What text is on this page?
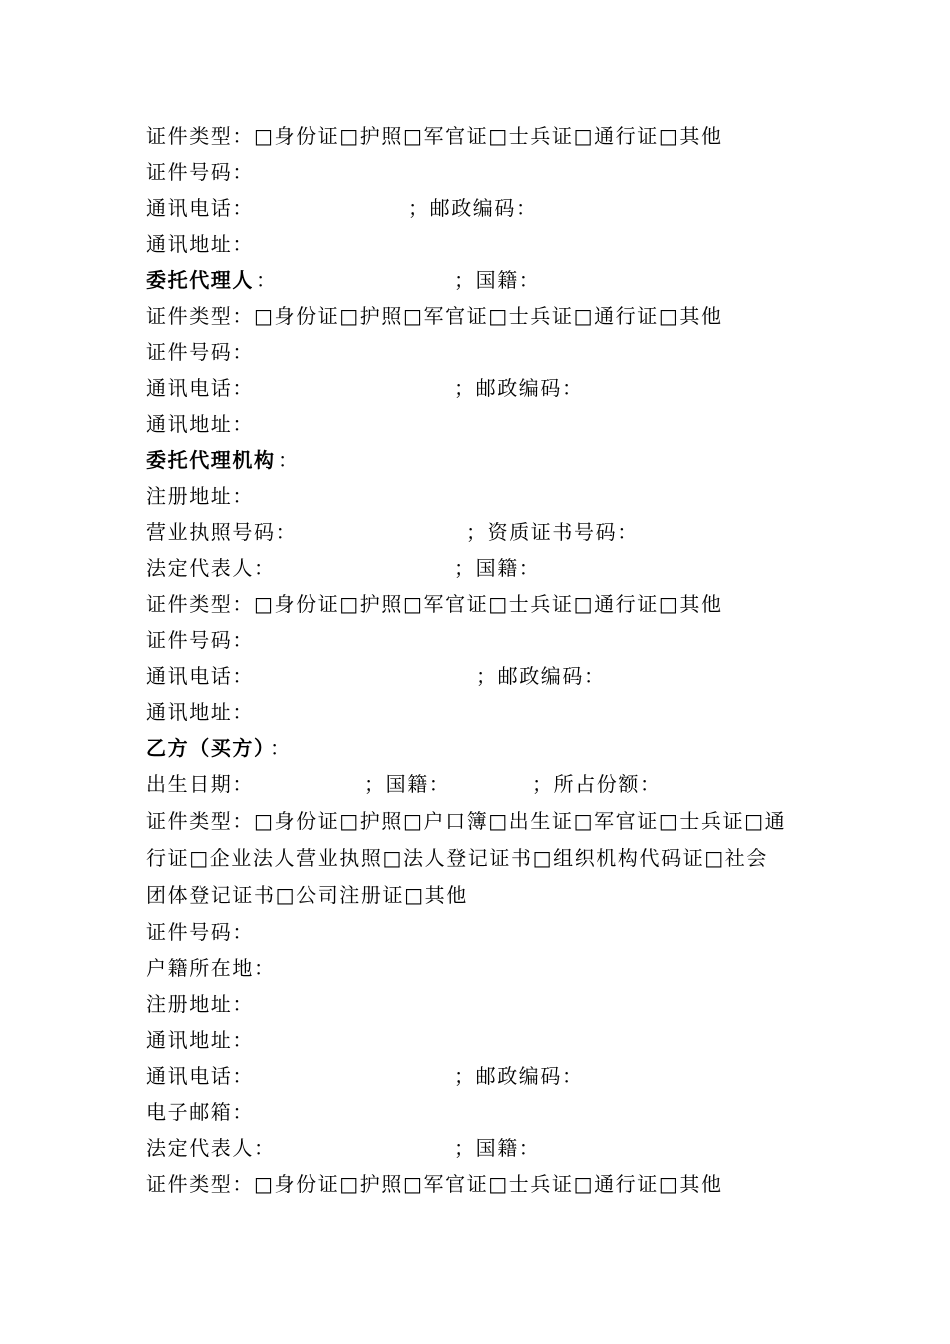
证件类型：□身份证□护照□军官证□士兵证□通行证□其他
证件号码：
通讯电话：	；邮政编码：
通讯地址：
委托代理人 ：	；国籍：
证件类型：□身份证□护照□军官证□士兵证□通行证□其他
证件号码：
通讯电话：	；邮政编码：
通讯地址：
委托代理机构 ：
注册地址：
营业执照号码：	；资质证书号码：
法定代表人：	；国籍：
证件类型：□身份证□护照□军官证□士兵证□通行证□其他
证件号码：
通讯电话：	；邮政编码：
通讯地址：
乙方（买方）
：
出生日期：	；国籍：	；所占份额：
证件类型：□身份证□护照□户口簿□出生证□军官证□士兵证□通
行证□企业法人营业执照□法人登记证书□组织机构代码证□社会
团体登记证书□公司注册证□其他
证件号码：
户籍所在地：
注册地址：
通讯地址：
通讯电话：	；邮政编码：
电子邮箱：
法定代表人：	；国籍：
证件类型：□身份证□护照□军官证□士兵证□通行证□其他
